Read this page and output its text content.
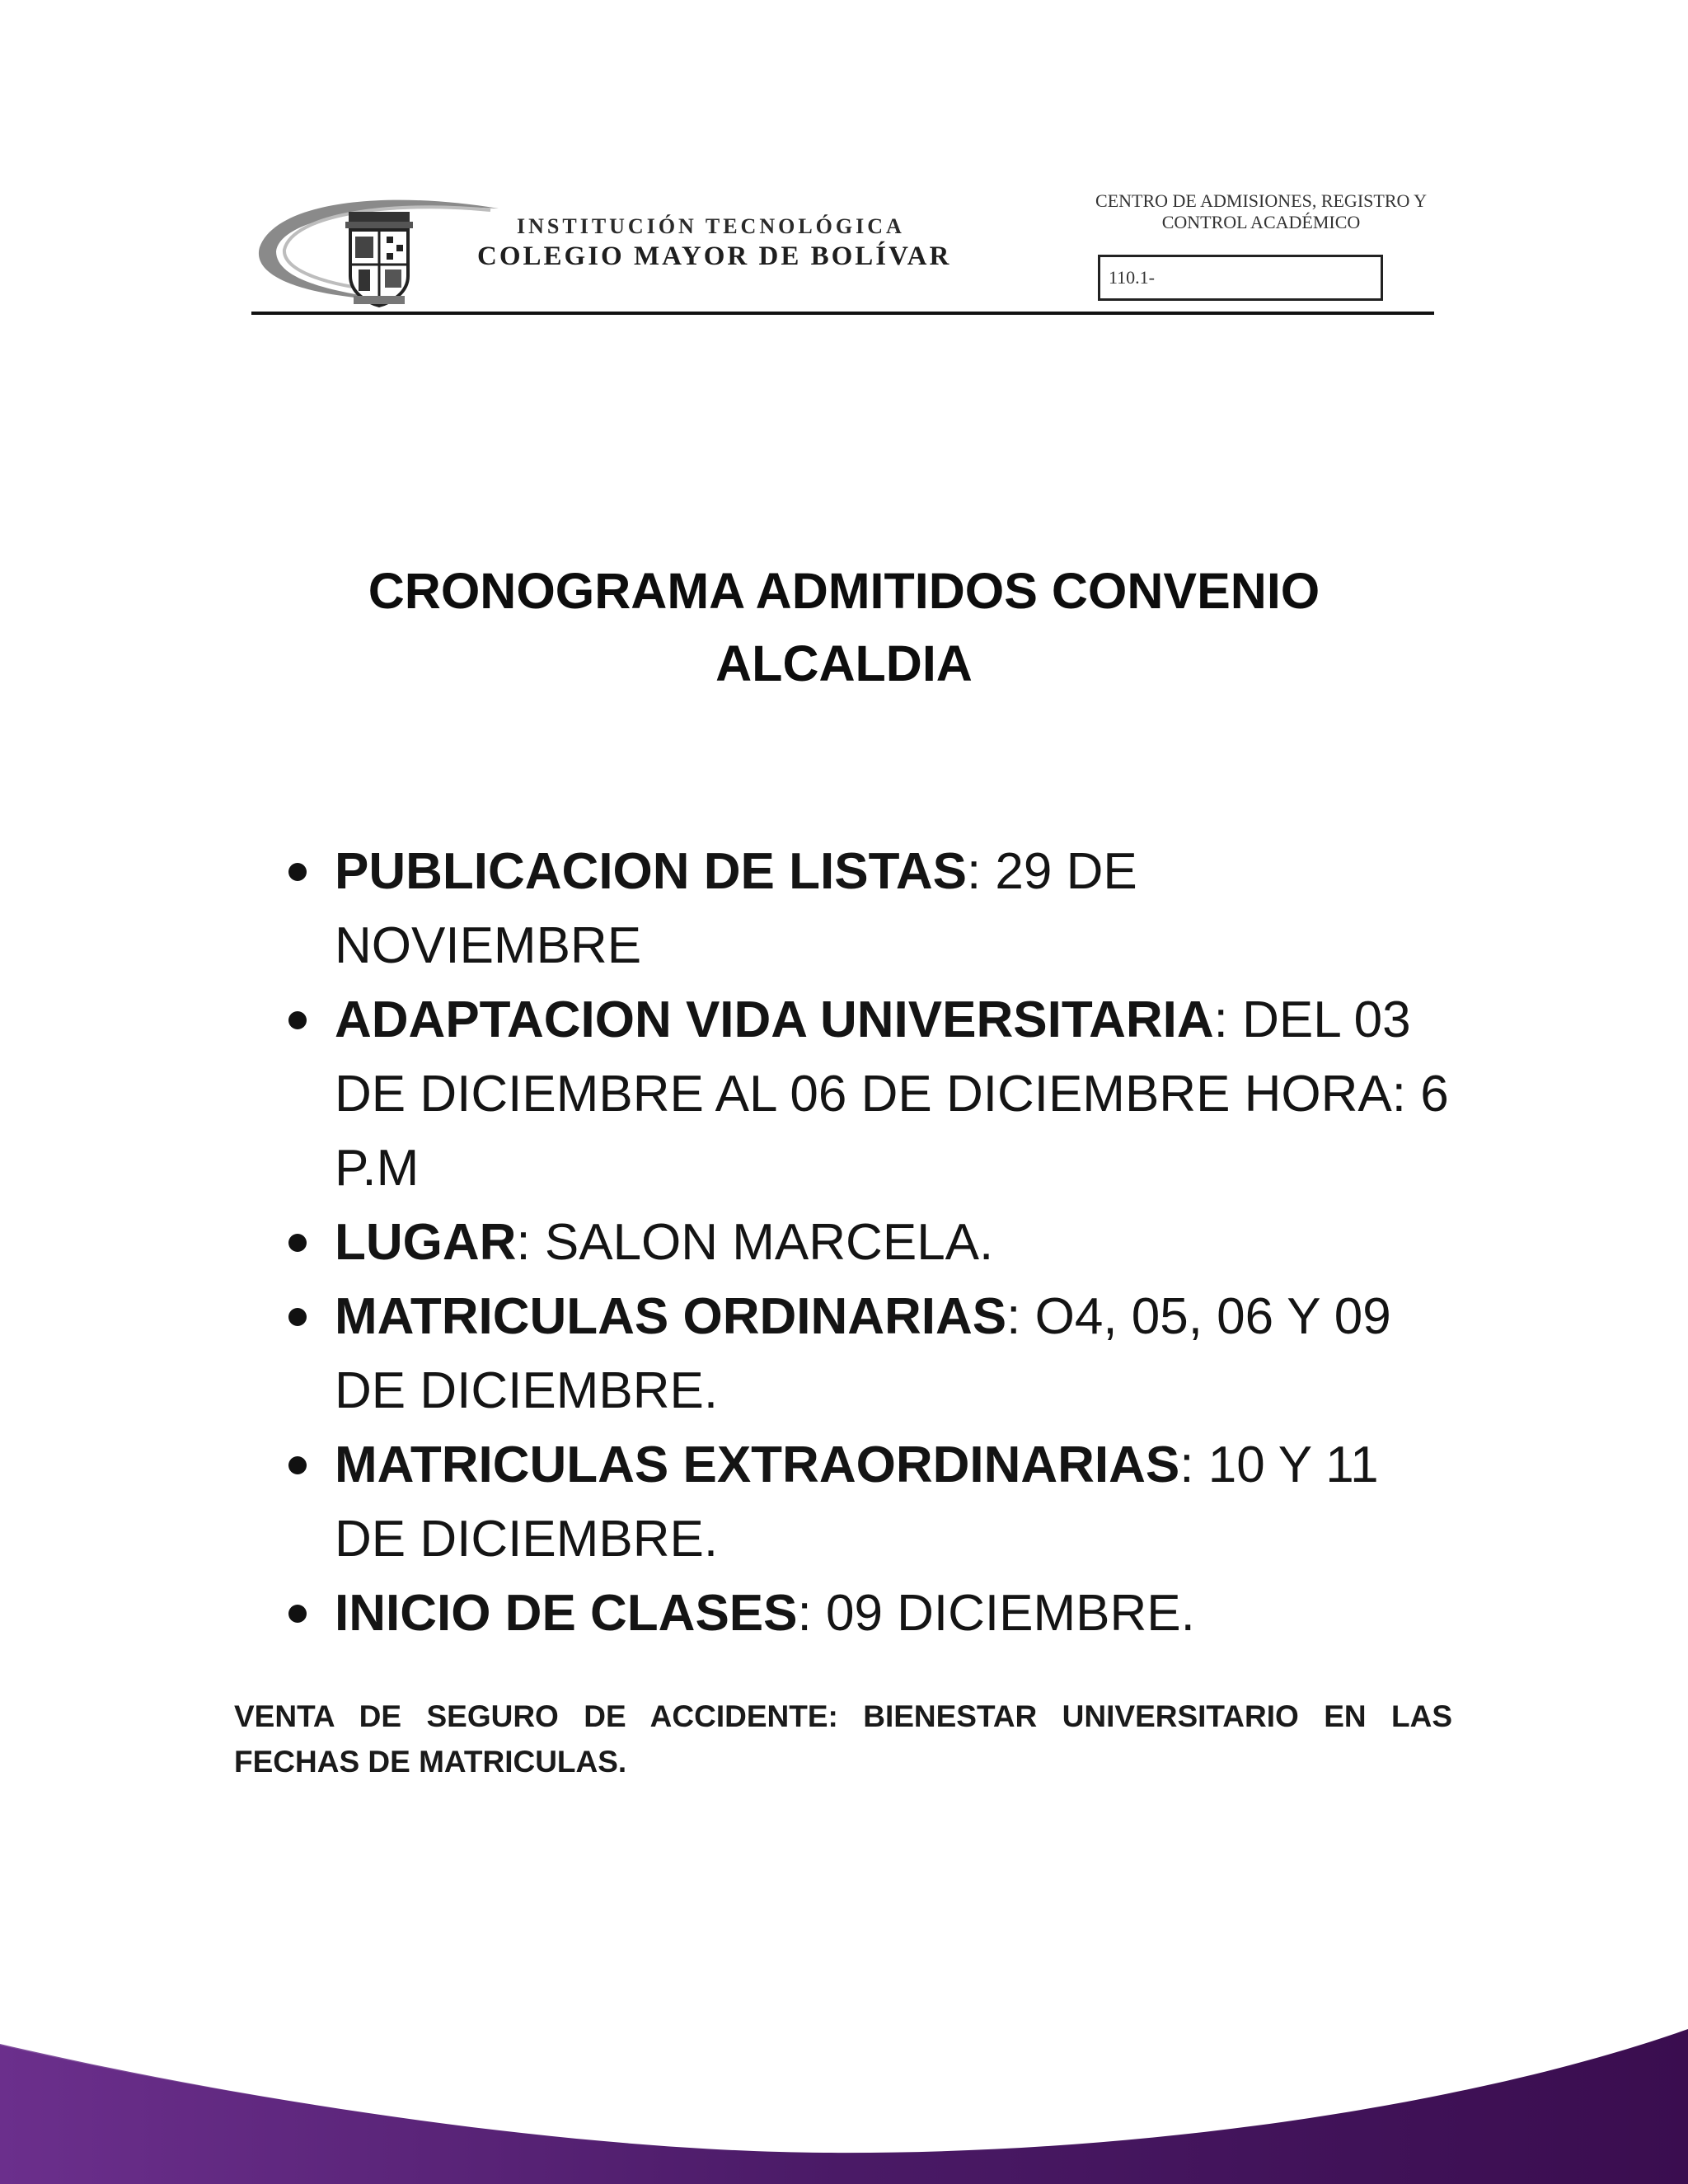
INSTITUCIÓN TECNOLÓGICA
COLEGIO MAYOR DE BOLÍVAR
CENTRO DE ADMISIONES, REGISTRO Y
CONTROL ACADÉMICO
110.1-
CRONOGRAMA ADMITIDOS CONVENIO
ALCALDIA
PUBLICACION DE LISTAS: 29 DE NOVIEMBRE
ADAPTACION VIDA UNIVERSITARIA: DEL 03 DE DICIEMBRE AL 06 DE DICIEMBRE HORA: 6 P.M
LUGAR: SALON MARCELA.
MATRICULAS ORDINARIAS: O4, 05, 06 Y 09 DE DICIEMBRE.
MATRICULAS EXTRAORDINARIAS: 10 Y 11 DE DICIEMBRE.
INICIO DE CLASES: 09 DICIEMBRE.
VENTA DE SEGURO DE ACCIDENTE: BIENESTAR UNIVERSITARIO EN LAS FECHAS DE MATRICULAS.
